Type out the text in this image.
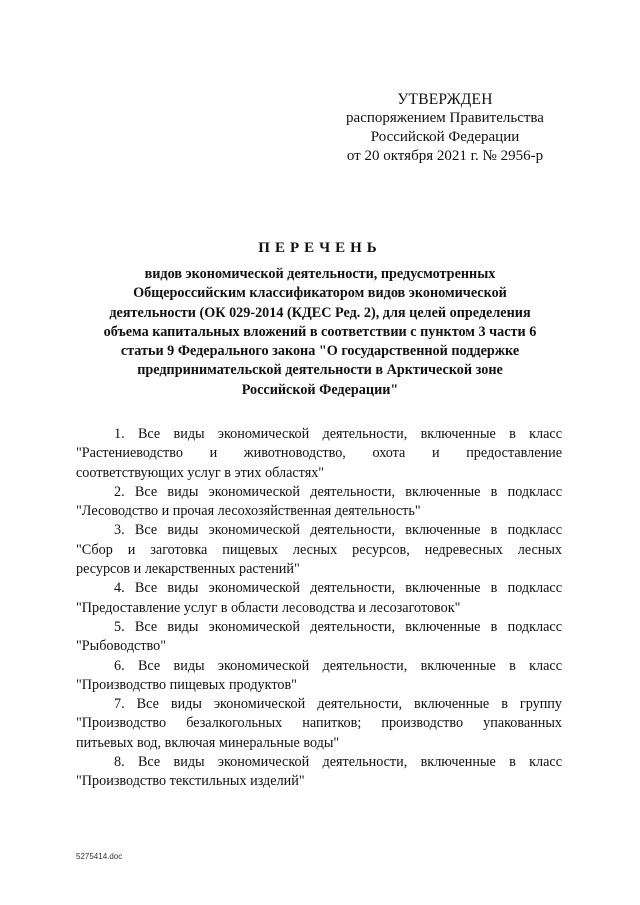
УТВЕРЖДЕН
распоряжением Правительства
Российской Федерации
от 20 октября 2021 г. № 2956-р
ПЕРЕЧЕНЬ
видов экономической деятельности, предусмотренных
Общероссийским классификатором видов экономической
деятельности (ОК 029-2014 (КДЕС Ред. 2), для целей определения
объема капитальных вложений в соответствии с пунктом 3 части 6
статьи 9 Федерального закона "О государственной поддержке
предпринимательской деятельности в Арктической зоне
Российской Федерации"
1. Все виды экономической деятельности, включенные в класс
"Растениеводство и животноводство, охота и предоставление
соответствующих услуг в этих областях"
2. Все виды экономической деятельности, включенные в подкласс
"Лесоводство и прочая лесохозяйственная деятельность"
3. Все виды экономической деятельности, включенные в подкласс
"Сбор и заготовка пищевых лесных ресурсов, недревесных лесных
ресурсов и лекарственных растений"
4. Все виды экономической деятельности, включенные в подкласс
"Предоставление услуг в области лесоводства и лесозаготовок"
5. Все виды экономической деятельности, включенные в подкласс
"Рыбоводство"
6. Все виды экономической деятельности, включенные в класс
"Производство пищевых продуктов"
7. Все виды экономической деятельности, включенные в группу
"Производство безалкогольных напитков; производство упакованных
питьевых вод, включая минеральные воды"
8. Все виды экономической деятельности, включенные в класс
"Производство текстильных изделий"
5275414.doc
